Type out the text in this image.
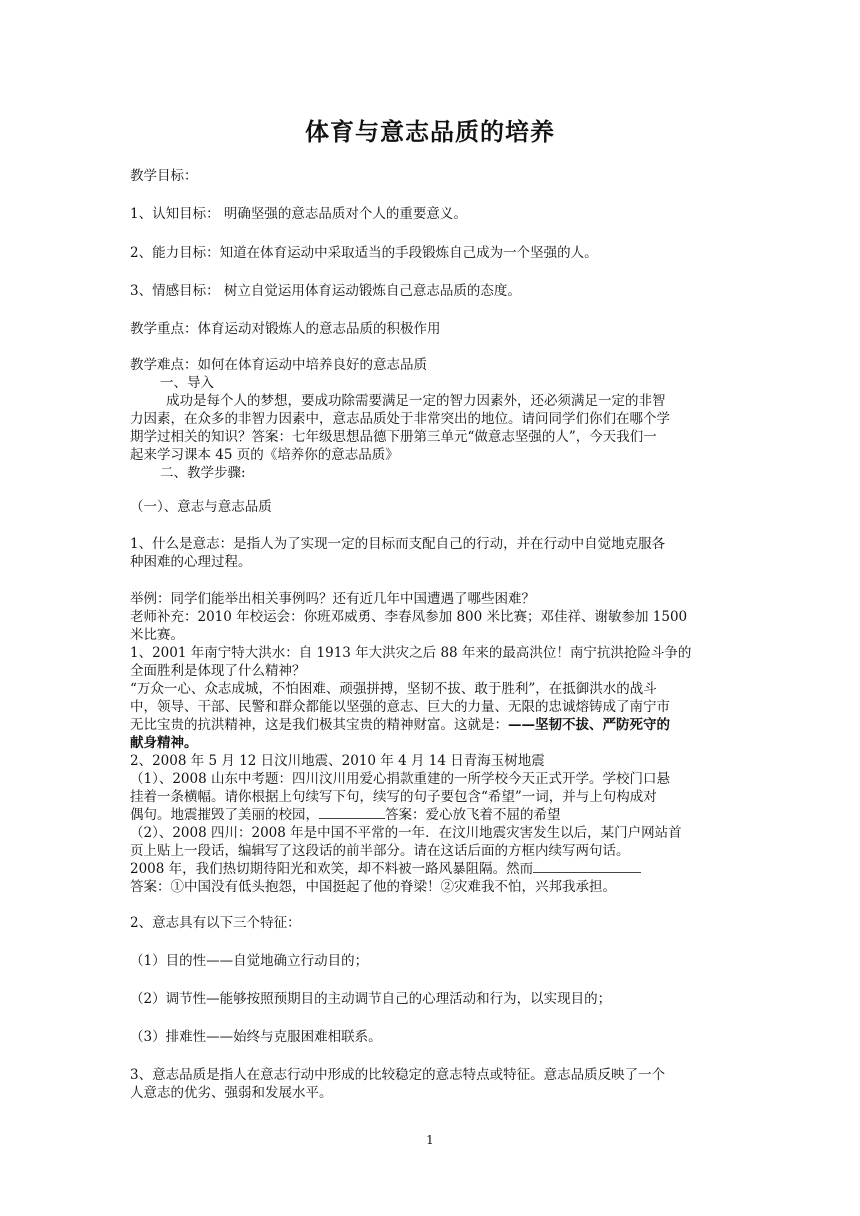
体育与意志品质的培养
教学目标：
1、认知目标： 明确坚强的意志品质对个人的重要意义。
2、能力目标：知道在体育运动中采取适当的手段锻炼自己成为一个坚强的人。
3、情感目标： 树立自觉运用体育运动锻炼自己意志品质的态度。
教学重点：体育运动对锻炼人的意志品质的积极作用
教学难点：如何在体育运动中培养良好的意志品质
一、导入
成功是每个人的梦想，要成功除需要满足一定的智力因素外，还必须满足一定的非智
力因素，在众多的非智力因素中，意志品质处于非常突出的地位。请问同学们你们在哪个学
期学过相关的知识？答案：七年级思想品德下册第三单元“做意志坚强的人”，今天我们一
起来学习课本 45 页的《培养你的意志品质》
二、教学步骤:
（一）、意志与意志品质
1、什么是意志：是指人为了实现一定的目标而支配自己的行动，并在行动中自觉地克服各
种困难的心理过程。
举例：同学们能举出相关事例吗？还有近几年中国遭遇了哪些困难？
老师补充：2010 年校运会：你班邓威勇、李春凤参加 800 米比赛；邓佳祥、谢敏参加 1500
米比赛。
1、2001 年南宁特大洪水：自 1913 年大洪灾之后 88 年来的最高洪位！南宁抗洪抢险斗争的
全面胜利是体现了什么精神？
“万众一心、众志成城，不怕困难、顽强拼搏，坚韧不拔、敢于胜利”，在抵御洪水的战斗
中，领导、干部、民警和群众都能以坚强的意志、巨大的力量、无限的忠诚熔铸成了南宁市
无比宝贵的抗洪精神，这是我们极其宝贵的精神财富。这就是：——坚韧不拔、严防死守的
献身精神。
2、2008 年 5 月 12 日汶川地震、2010 年 4 月 14 日青海玉树地震
（1）、2008 山东中考题：四川汶川用爱心捐款重建的一所学校今天正式开学。学校门口悬
挂着一条横幅。请你根据上句续写下句，续写的句子要包含“希望”一词，并与上句构成对
偶句。地震摧毁了美丽的校园，	答案：爱心放飞着不屈的希望
（2）、2008 四川：2008 年是中国不平常的一年．在汶川地震灾害发生以后，某门户网站首
页上贴上一段话，编辑写了这段话的前半部分。请在这话后面的方框内续写两句话。
2008 年，我们热切期待阳光和欢笑，却不料被一路风暴阻隔。然而
答案：①中国没有低头抱怨，中国挺起了他的脊梁！②灾难我不怕，兴邦我承担。
2、意志具有以下三个特征：
（1）目的性——自觉地确立行动目的；
（2）调节性—能够按照预期目的主动调节自己的心理活动和行为，以实现目的；
（3）排难性——始终与克服困难相联系。
3、意志品质是指人在意志行动中形成的比较稳定的意志特点或特征。意志品质反映了一个
人意志的优劣、强弱和发展水平。
1
